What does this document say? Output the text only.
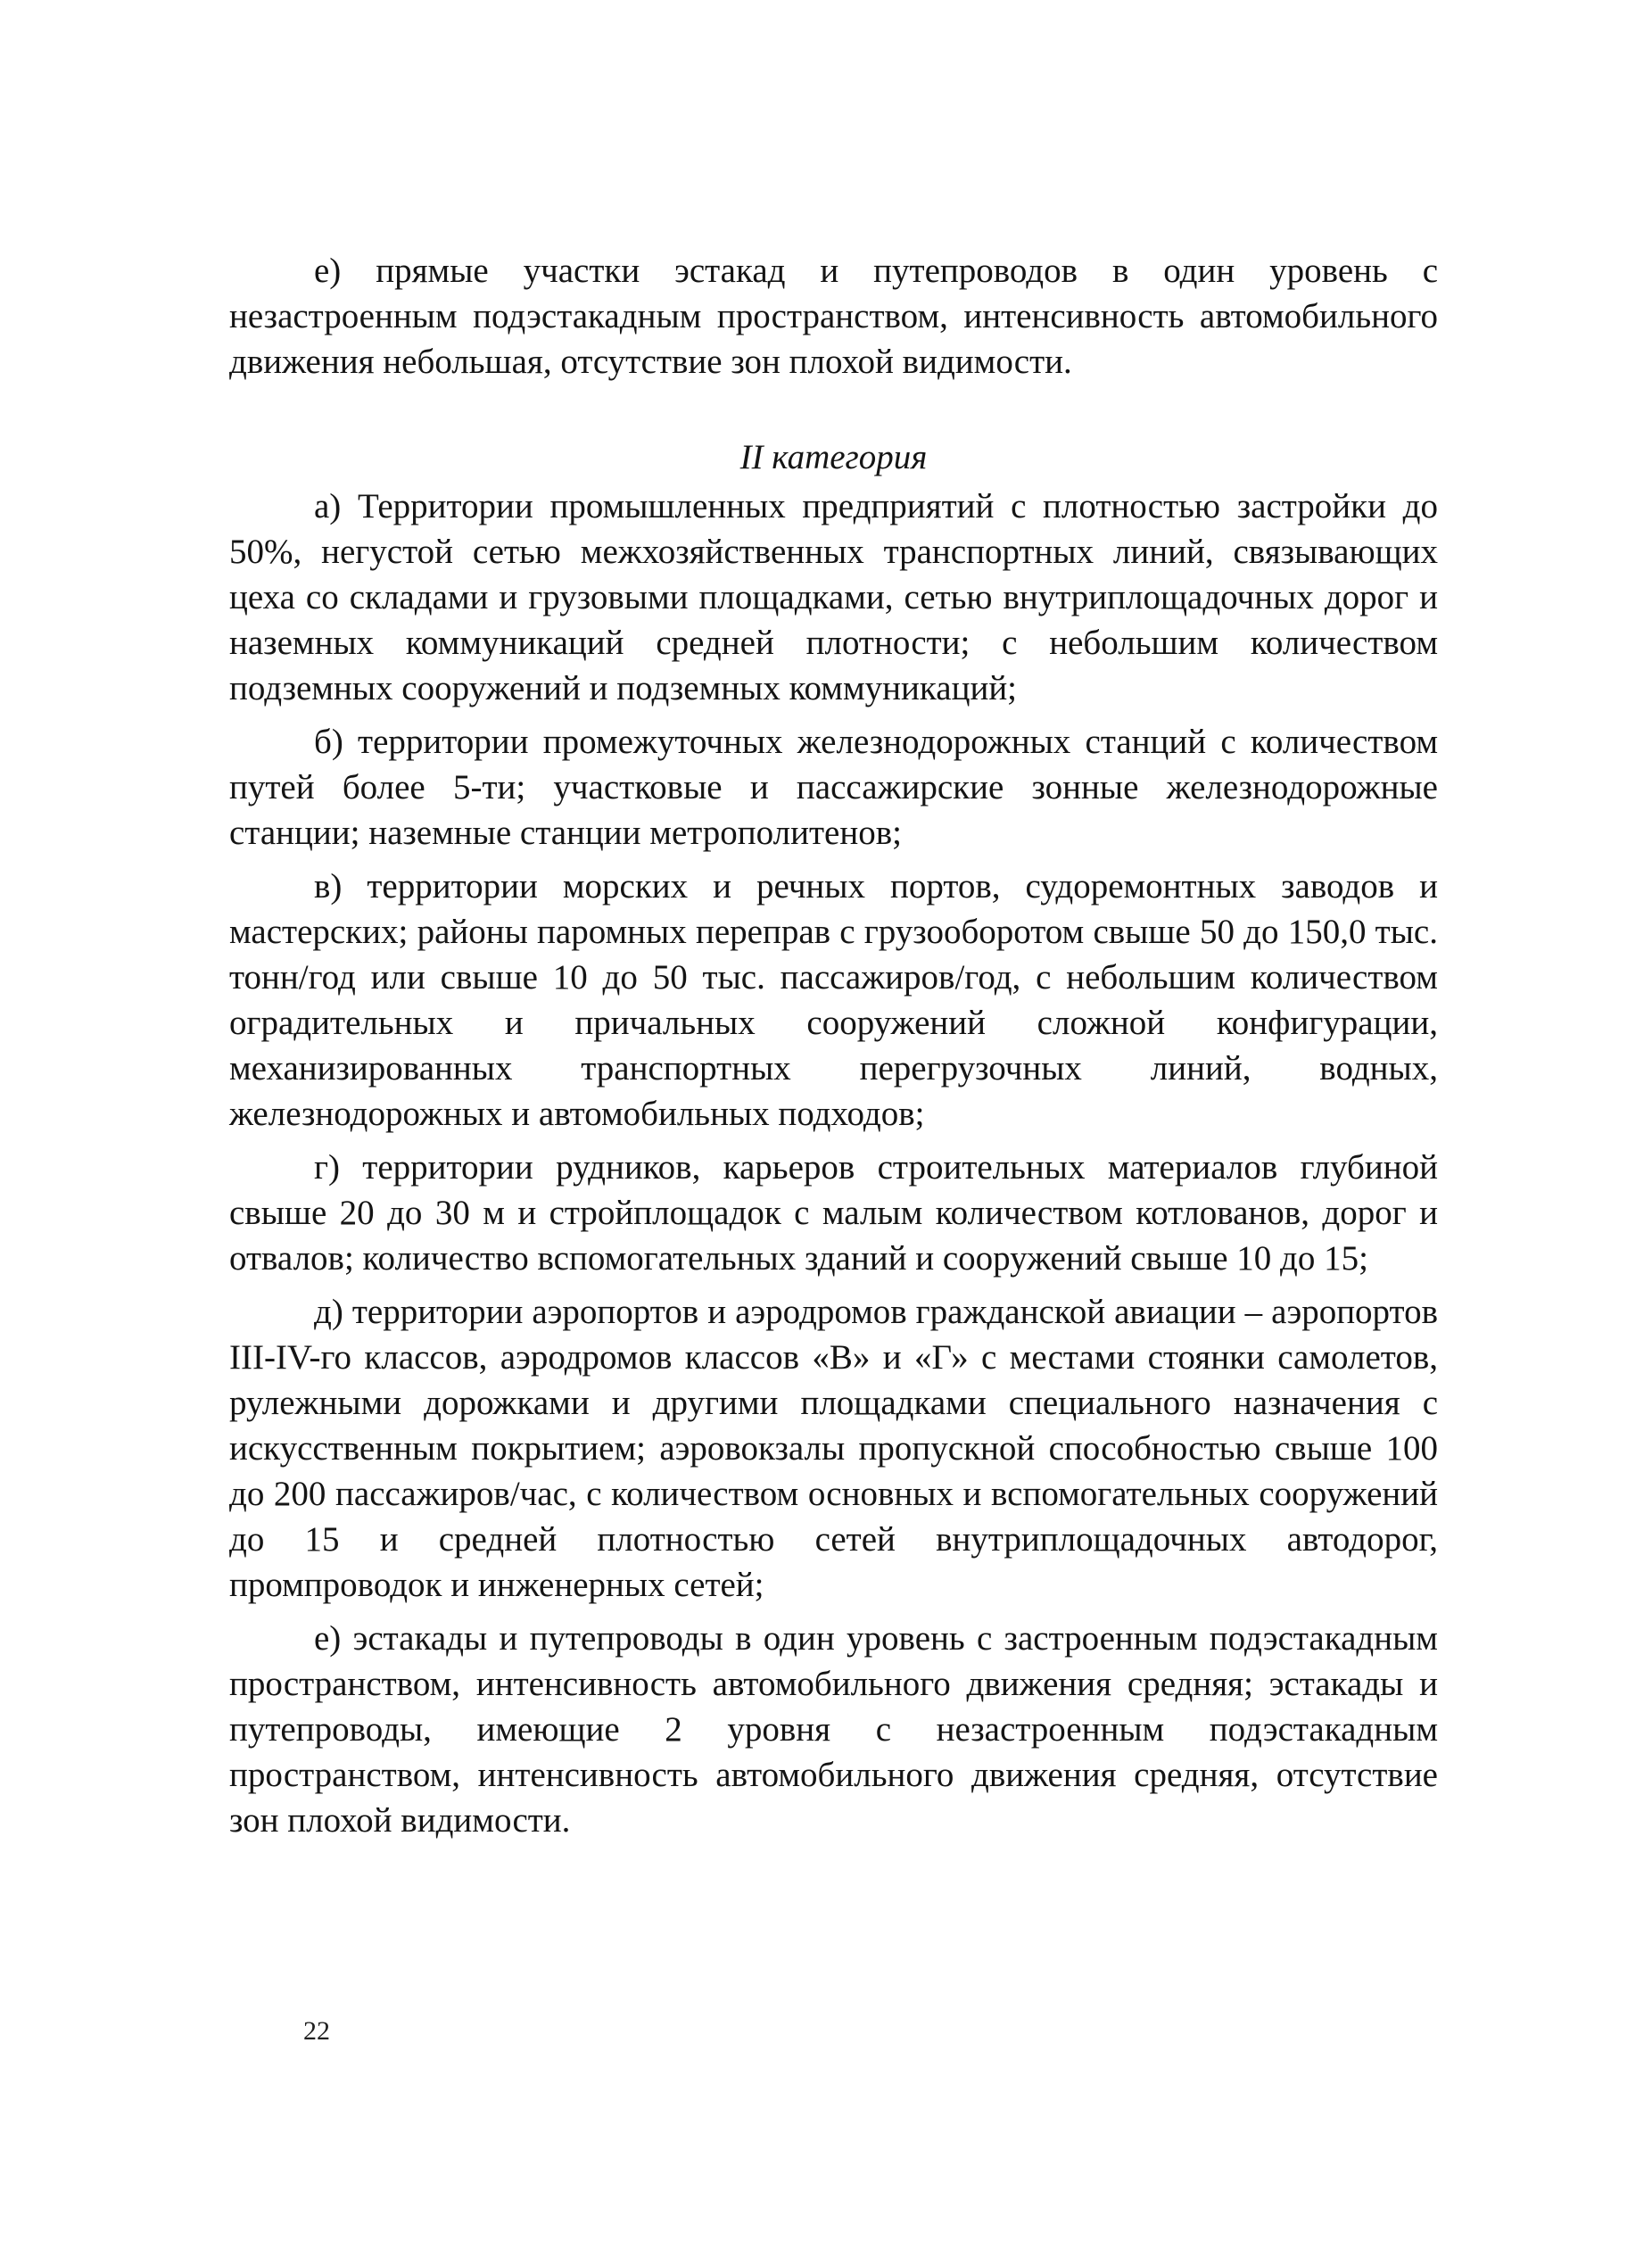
е) прямые участки эстакад и путепроводов в один уровень с незастроенным подэстакадным пространством, интенсивность автомобильного движения небольшая, отсутствие зон плохой видимости.

II категория

а) Территории промышленных предприятий с плотностью застройки до 50%, негустой сетью межхозяйственных транспортных линий, связывающих цеха со складами и грузовыми площадками, сетью внутриплощадочных дорог и наземных коммуникаций средней плотности; с небольшим количеством подземных сооружений и подземных коммуникаций;

б) территории промежуточных железнодорожных станций с количеством путей более 5-ти; участковые и пассажирские зонные железнодорожные станции; наземные станции метрополитенов;

в) территории морских и речных портов, судоремонтных заводов и мастерских; районы паромных переправ с грузооборотом свыше 50 до 150,0 тыс. тонн/год или свыше 10 до 50 тыс. пассажиров/год, с небольшим количеством оградительных и причальных сооружений сложной конфигурации, механизированных транспортных перегрузочных линий, водных, железнодорожных и автомобильных подходов;

г) территории рудников, карьеров строительных материалов глубиной свыше 20 до 30 м и стройплощадок с малым количеством котлованов, дорог и отвалов; количество вспомогательных зданий и сооружений свыше 10 до 15;

д) территории аэропортов и аэродромов гражданской авиации – аэропортов III-IV-го классов, аэродромов классов «В» и «Г» с местами стоянки самолетов, рулежными дорожками и другими площадками специального назначения с искусственным покрытием; аэровокзалы пропускной способностью свыше 100 до 200 пассажиров/час, с количеством основных и вспомогательных сооружений до 15 и средней плотностью сетей внутриплощадочных автодорог, промпроводок и инженерных сетей;

е) эстакады и путепроводы в один уровень с застроенным подэстакадным пространством, интенсивность автомобильного движения средняя; эстакады и путепроводы, имеющие 2 уровня с незастроенным подэстакадным пространством, интенсивность автомобильного движения средняя, отсутствие зон плохой видимости.

22
